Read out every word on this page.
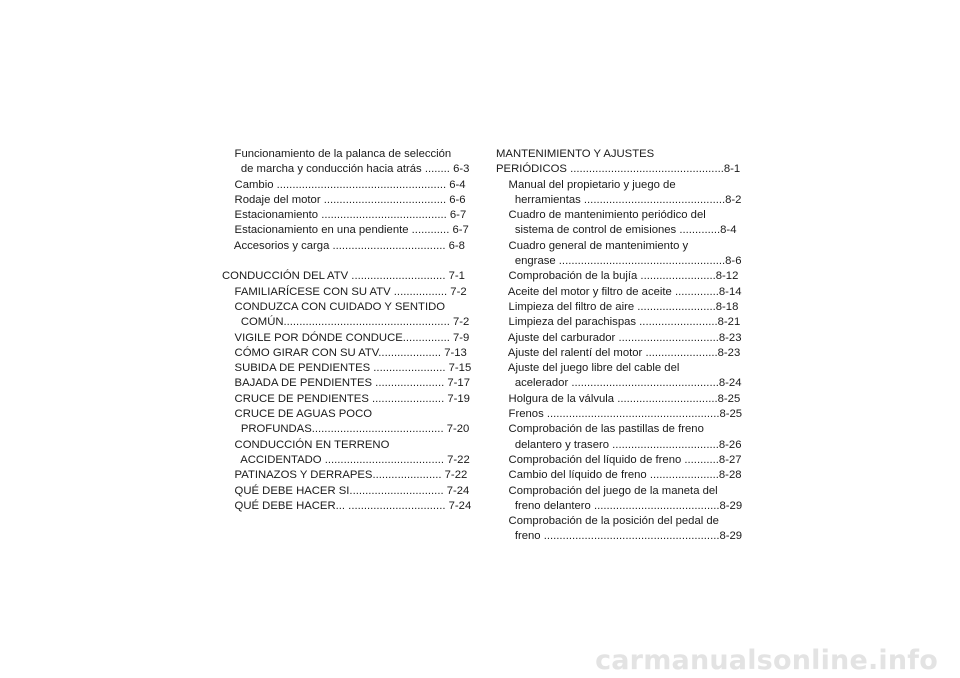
Funcionamiento de la palanca de selección
de marcha y conducción hacia atrás ........ 6-3
Cambio ...................................................... 6-4
Rodaje del motor ....................................... 6-6
Estacionamiento ........................................ 6-7
Estacionamiento en una pendiente ............ 6-7
Accesorios y carga .................................... 6-8
CONDUCCIÓN DEL ATV .............................. 7-1
FAMILIARÍCESE CON SU ATV ................. 7-2
CONDUZCA CON CUIDADO Y SENTIDO
COMÚN..................................................... 7-2
VIGILE POR DÓNDE CONDUCE............... 7-9
CÓMO GIRAR CON SU ATV.................... 7-13
SUBIDA DE PENDIENTES ....................... 7-15
BAJADA DE PENDIENTES ...................... 7-17
CRUCE DE PENDIENTES ....................... 7-19
CRUCE DE AGUAS POCO
PROFUNDAS.......................................... 7-20
CONDUCCIÓN EN TERRENO
ACCIDENTADO ...................................... 7-22
PATINAZOS Y DERRAPES...................... 7-22
QUÉ DEBE HACER SI.............................. 7-24
QUÉ DEBE HACER... ............................... 7-24
MANTENIMIENTO Y AJUSTES
PERIÓDICOS .................................................8-1
Manual del propietario y juego de
herramientas .............................................8-2
Cuadro de mantenimiento periódico del
sistema de control de emisiones .............8-4
Cuadro general de mantenimiento y
engrase .....................................................8-6
Comprobación de la bujía ........................8-12
Aceite del motor y filtro de aceite ..............8-14
Limpieza del filtro de aire .........................8-18
Limpieza del parachispas .........................8-21
Ajuste del carburador ................................8-23
Ajuste del ralentí del motor .......................8-23
Ajuste del juego libre del cable del
acelerador ...............................................8-24
Holgura de la válvula ................................8-25
Frenos .......................................................8-25
Comprobación de las pastillas de freno
delantero y trasero ..................................8-26
Comprobación del líquido de freno ...........8-27
Cambio del líquido de freno ......................8-28
Comprobación del juego de la maneta del
freno delantero ........................................8-29
Comprobación de la posición del pedal de
freno ........................................................8-29
carmanualsonline.info
